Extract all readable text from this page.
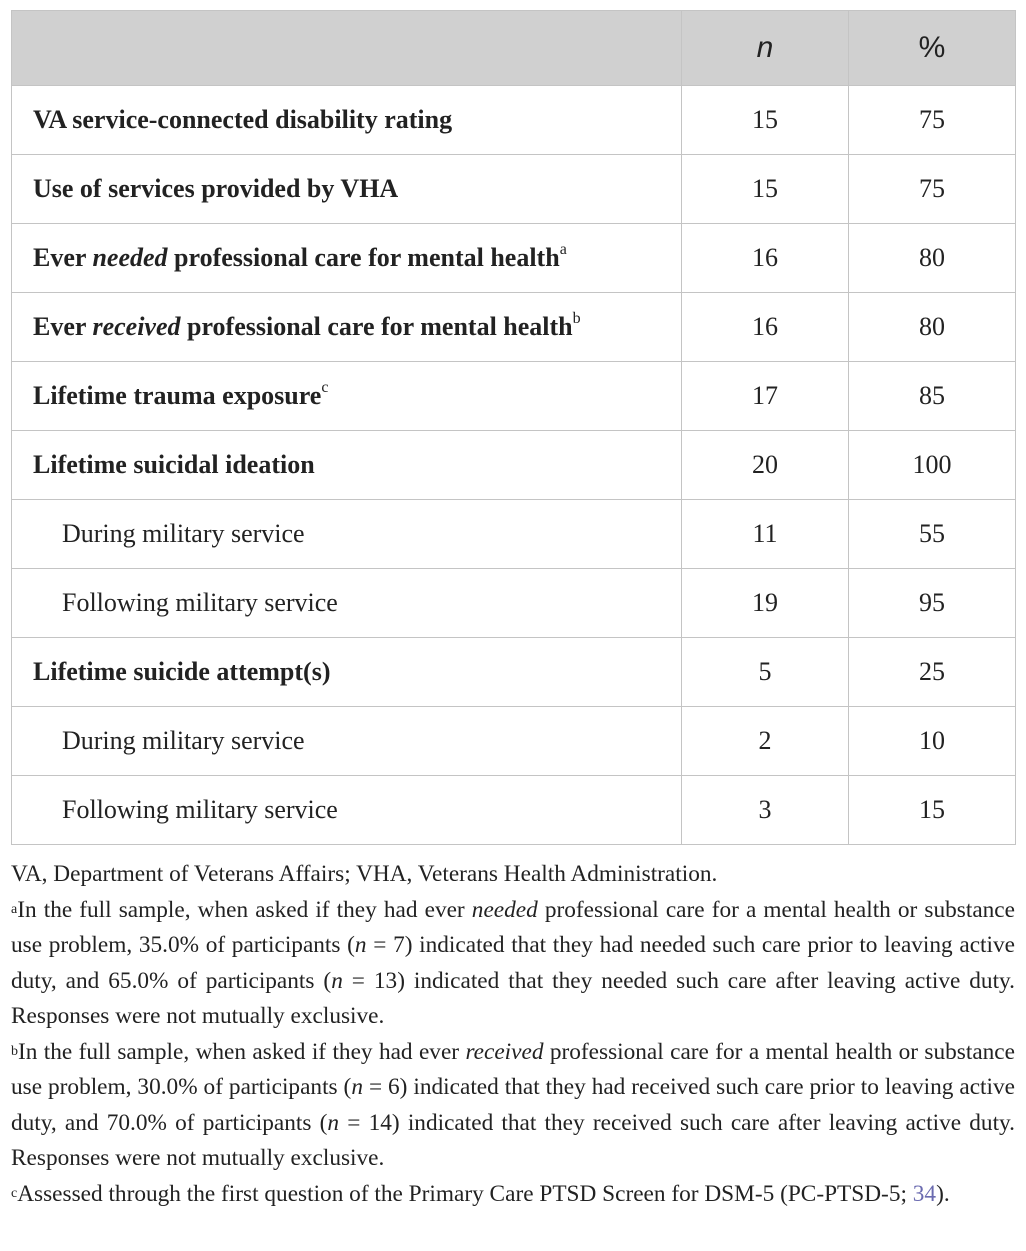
	n	%
VA service-connected disability rating	15	75
Use of services provided by VHA	15	75
Ever needed professional care for mental health$^a$	16	80
Ever received professional care for mental health$^b$	16	80
Lifetime trauma exposure$^c$	17	85
Lifetime suicidal ideation	20	100
During military service	11	55
Following military service	19	95
Lifetime suicide attempt(s)	5	25
During military service	2	10
Following military service	3	15

VA, Department of Veterans Affairs; VHA, Veterans Health Administration.

$^a$In the full sample, when asked if they had ever needed professional care for a mental health or substance use problem, 35.0% of participants (n = 7) indicated that they had needed such care prior to leaving active duty, and 65.0% of participants (n = 13) indicated that they needed such care after leaving active duty. Responses were not mutually exclusive.

$^b$In the full sample, when asked if they had ever received professional care for a mental health or substance use problem, 30.0% of participants (n = 6) indicated that they had received such care prior to leaving active duty, and 70.0% of participants (n = 14) indicated that they received such care after leaving active duty. Responses were not mutually exclusive.

$^c$Assessed through the first question of the Primary Care PTSD Screen for DSM-5 (PC-PTSD-5; 34).
